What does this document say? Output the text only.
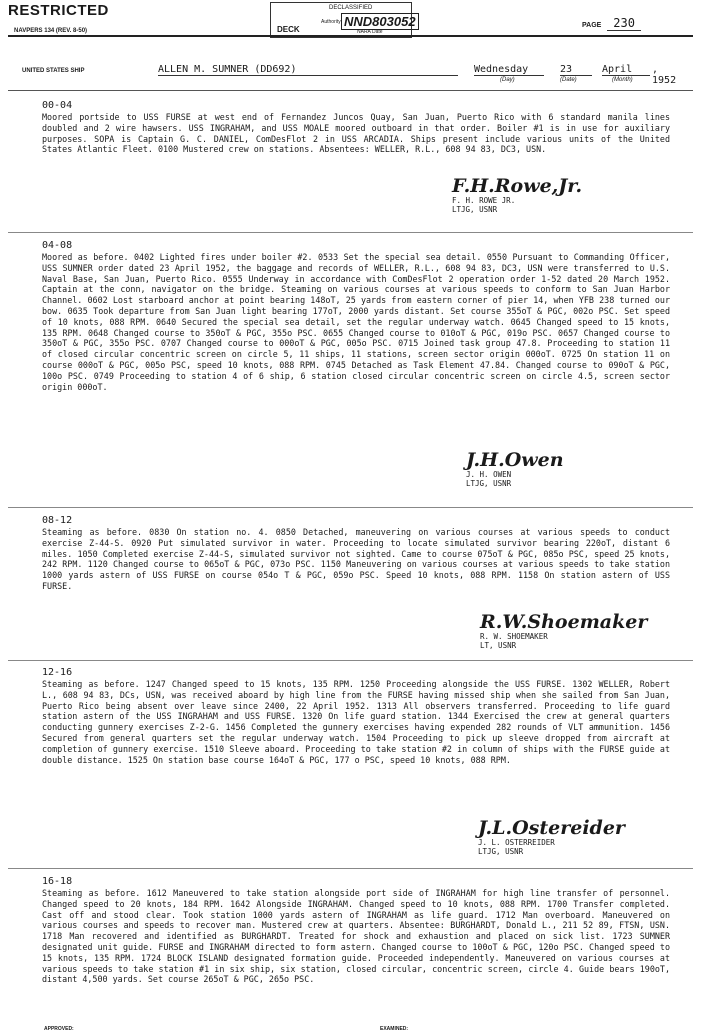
RESTRICTED
NAVPERS 134 (REV. 8-50)
DECLASSIFIED
NND803052
Authority
DECK	NARA Date
PAGE 230
UNITED STATES SHIP	ALLEN M. SUMNER (DD692)	Wednesday	23	April	, 1952
(Day)	(Date)	(Month)
00-04
Moored portside to USS FURSE at west end of Fernandez Juncos Quay, San Juan, Puerto Rico with 6 standard manila lines doubled and 2 wire hawsers. USS INGRAHAM, and USS MOALE moored outboard in that order. Boiler #1 is in use for auxiliary purposes. SOPA is Captain G. C. DANIEL, ComDesFlot 2 in USS ARCADIA. Ships present include various units of the United States Atlantic Fleet. 0100 Mustered crew on stations. Absentees: WELLER, R.L., 608 94 83, DC3, USN.
F.H.Rowe,Jr.
F. H. ROWE JR.
LTJG, USNR
04-08
Moored as before. 0402 Lighted fires under boiler #2. 0533 Set the special sea detail. 0550 Pursuant to Commanding Officer, USS SUMNER order dated 23 April 1952, the baggage and records of WELLER, R.L., 608 94 83, DC3, USN were transferred to U.S. Naval Base, San Juan, Puerto Rico. 0555 Underway in accordance with ComDesFlot 2 operation order 1-52 dated 20 March 1952. Captain at the conn, navigator on the bridge. Steaming on various courses at various speeds to conform to San Juan Harbor Channel. 0602 Lost starboard anchor at point bearing 148oT, 25 yards from eastern corner of pier 14, when YFB 238 turned our bow. 0635 Took departure from San Juan light bearing 177oT, 2000 yards distant. Set course 355oT & PGC, 002o PSC. Set speed of 10 knots, 088 RPM. 0640 Secured the special sea detail, set the regular underway watch. 0645 Changed speed to 15 knots, 135 RPM. 0648 Changed course to 350oT & PGC, 355o PSC. 0655 Changed course to 010oT & PGC, 019o PSC. 0657 Changed course to 350oT & PGC, 355o PSC. 0707 Changed course to 000oT & PGC, 005o PSC. 0715 Joined task group 47.8. Proceeding to station 11 of closed circular concentric screen on circle 5, 11 ships, 11 stations, screen sector origin 000oT. 0725 On station 11 on course 000oT & PGC, 005o PSC, speed 10 knots, 088 RPM. 0745 Detached as Task Element 47.84. Changed course to 090oT & PGC, 100o PSC. 0749 Proceeding to station 4 of 6 ship, 6 station closed circular concentric screen on circle 4.5, screen sector origin 000oT.
J.H.Owen
J. H. OWEN
LTJG, USNR
08-12
Steaming as before. 0830 On station no. 4. 0850 Detached, maneuvering on various courses at various speeds to conduct exercise Z-44-S. 0920 Put simulated survivor in water. Proceeding to locate simulated survivor bearing 220oT, distant 6 miles. 1050 Completed exercise Z-44-S, simulated survivor not sighted. Came to course 075oT & PGC, 085o PSC, speed 25 knots, 242 RPM. 1120 Changed course to 065oT & PGC, 073o PSC. 1150 Maneuvering on various courses at various speeds to take station 1000 yards astern of USS FURSE on course 054o T & PGC, 059o PSC. Speed 10 knots, 088 RPM. 1158 On station astern of USS FURSE.
R.W.Shoemaker
R. W. SHOEMAKER
LT, USNR
12-16
Steaming as before. 1247 Changed speed to 15 knots, 135 RPM. 1250 Proceeding alongside the USS FURSE. 1302 WELLER, Robert L., 608 94 83, DCs, USN, was received aboard by high line from the FURSE having missed ship when she sailed from San Juan, Puerto Rico being absent over leave since 2400, 22 April 1952. 1313 All observers transferred. Proceeding to life guard station astern of the USS INGRAHAM and USS FURSE. 1320 On life guard station. 1344 Exercised the crew at general quarters conducting gunnery exercises Z-2-G. 1456 Completed the gunnery exercises having expended 282 rounds of VLT ammunition. 1456 Secured from general quarters set the regular underway watch. 1504 Proceeding to pick up sleeve dropped from aircraft at completion of gunnery exercise. 1510 Sleeve aboard. Proceeding to take station #2 in column of ships with the FURSE guide at double distance. 1525 On station base course 164oT & PGC, 177 o PSC, speed 10 knots, 088 RPM.
J.L.Ostereider
J. L. OSTERREIDER
LTJG, USNR
16-18
Steaming as before. 1612 Maneuvered to take station alongside port side of INGRAHAM for high line transfer of personnel. Changed speed to 20 knots, 184 RPM. 1642 Alongside INGRAHAM. Changed speed to 10 knots, 088 RPM. 1700 Transfer completed. Cast off and stood clear. Took station 1000 yards astern of INGRAHAM as life guard. 1712 Man overboard. Maneuvered on various courses and speeds to recover man. Mustered crew at quarters. Absentee: BURGHARDT, Donald L., 211 52 89, FTSN, USN. 1718 Man recovered and identified as BURGHARDT. Treated for shock and exhaustion and placed on sick list. 1723 SUMNER designated unit guide. FURSE and INGRAHAM directed to form astern. Changed course to 100oT & PGC, 120o PSC. Changed speed to 15 knots, 135 RPM. 1724 BLOCK ISLAND designated formation guide. Proceeded independently. Maneuvered on various courses at various speeds to take station #1 in six ship, six station, closed circular, concentric screen, circle 4. Guide bears 190oT, distant 4,500 yards. Set course 265oT & PGC, 265o PSC.
APPROVED:	EXAMINED:
